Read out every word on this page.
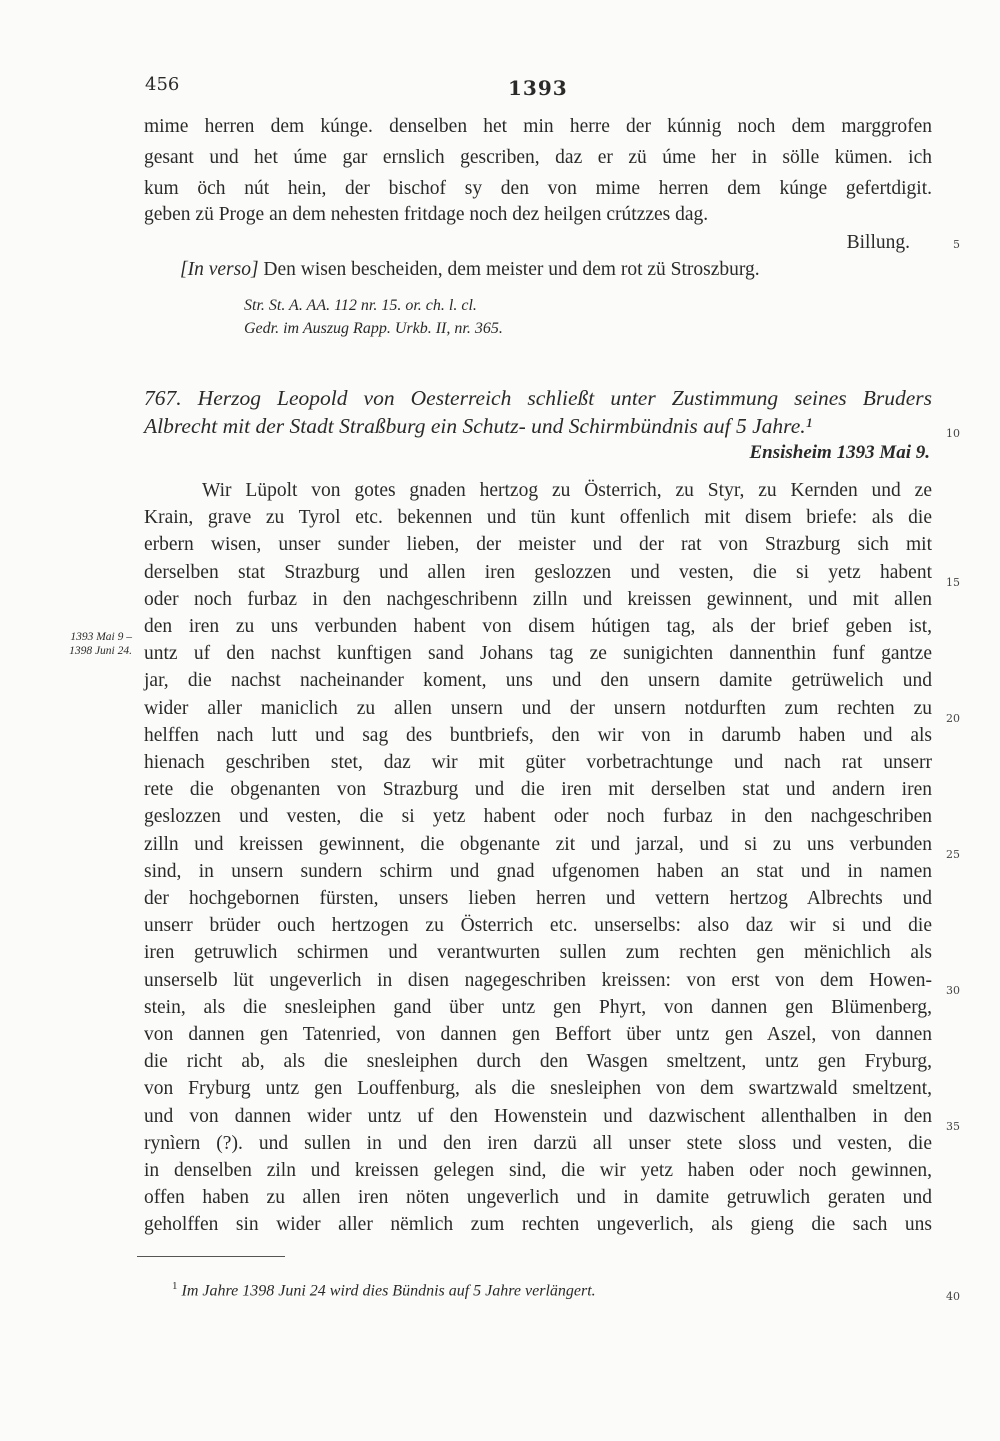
456	1393
mime herren dem kúnge. denselben het min herre der kúnnig noch dem marggrofen
gesant und het úme gar ernslich gescriben, daz er zü úme her in sölle kümen. ich
kum öch nút hein, der bischof sy den von mime herren dem kúnge gefertdigit.
geben zü Proge an dem nehesten fritdage noch dez heilgen crútzzes dag.
Billung.	5
[In verso] Den wisen bescheiden, dem meister und dem rot zü Stroszburg.
Str. St. A. AA. 112 nr. 15. or. ch. l. cl.
Gedr. im Auszug Rapp. Urkb. II, nr. 365.
767. Herzog Leopold von Oesterreich schließt unter Zustimmung seines Bruders
Albrecht mit der Stadt Straßburg ein Schutz- und Schirmbündnis auf 5 Jahre.¹	10
Ensisheim 1393 Mai 9.
1393 Mai 9 – 1398 Juni 24.
Wir Lüpolt von gotes gnaden hertzog zu Österrich, zu Styr, zu Kernden und ze
Krain, grave zu Tyrol etc. bekennen und tün kunt offenlich mit disem briefe: als die
erbern wisen, unser sunder lieben, der meister und der rat von Strazburg sich mit
derselben stat Strazburg und allen iren geslozzen und vesten, die si yetz habent
oder noch furbaz in den nachgeschribenn zilln und kreissen gewinnent, und mit allen
den iren zu uns verbunden habent von disem hútigen tag, als der brief geben ist,
untz uf den nachst kunftigen sand Johans tag ze sunigichten dannenthin funf gantze
jar, die nachst nacheinander koment, uns und den unsern damite getrüwelich und
wider aller maniclich zu allen unsern und der unsern notdurften zum rechten zu
helffen nach lutt und sag des buntbriefs, den wir von in darumb haben und als
hienach geschriben stet, daz wir mit güter vorbetrachtunge und nach rat unserr
rete die obgenanten von Strazburg und die iren mit derselben stat und andern iren
geslozzen und vesten, die si yetz habent oder noch furbaz in den nachgeschriben
zilln und kreissen gewinnent, die obgenante zit und jarzal, und si zu uns verbunden
sind, in unsern sundern schirm und gnad ufgenomen haben an stat und in namen
der hochgebornen fürsten, unsers lieben herren und vettern hertzog Albrechts und
unserr brüder ouch hertzogen zu Österrich etc. unserselbs: also daz wir si und die
iren getruwlich schirmen und verantwurten sullen zum rechten gen mënichlich als
unserselb lüt ungeverlich in disen nagegeschriben kreissen: von erst von dem Howen-
stein, als die snesleiphen gand über untz gen Phyrt, von dannen gen Blümenberg,
von dannen gen Tatenried, von dannen gen Beffort über untz gen Aszel, von dannen
die richt ab, als die snesleiphen durch den Wasgen smeltzent, untz gen Fryburg,
von Fryburg untz gen Louffenburg, als die snesleiphen von dem swartzwald smeltzent,
und von dannen wider untz uf den Howenstein und dazwischent allenthalben in den
rynìern (?). und sullen in und den iren darzü all unser stete sloss und vesten, die
in denselben ziln und kreissen gelegen sind, die wir yetz haben oder noch gewinnen,
offen haben zu allen iren nöten ungeverlich und in damite getruwlich geraten und
geholffen sin wider aller nëmlich zum rechten ungeverlich, als gieng die sach uns
15
20
25
30
35
$^1$ Im Jahre 1398 Juni 24 wird dies Bündnis auf 5 Jahre verlängert.	40
